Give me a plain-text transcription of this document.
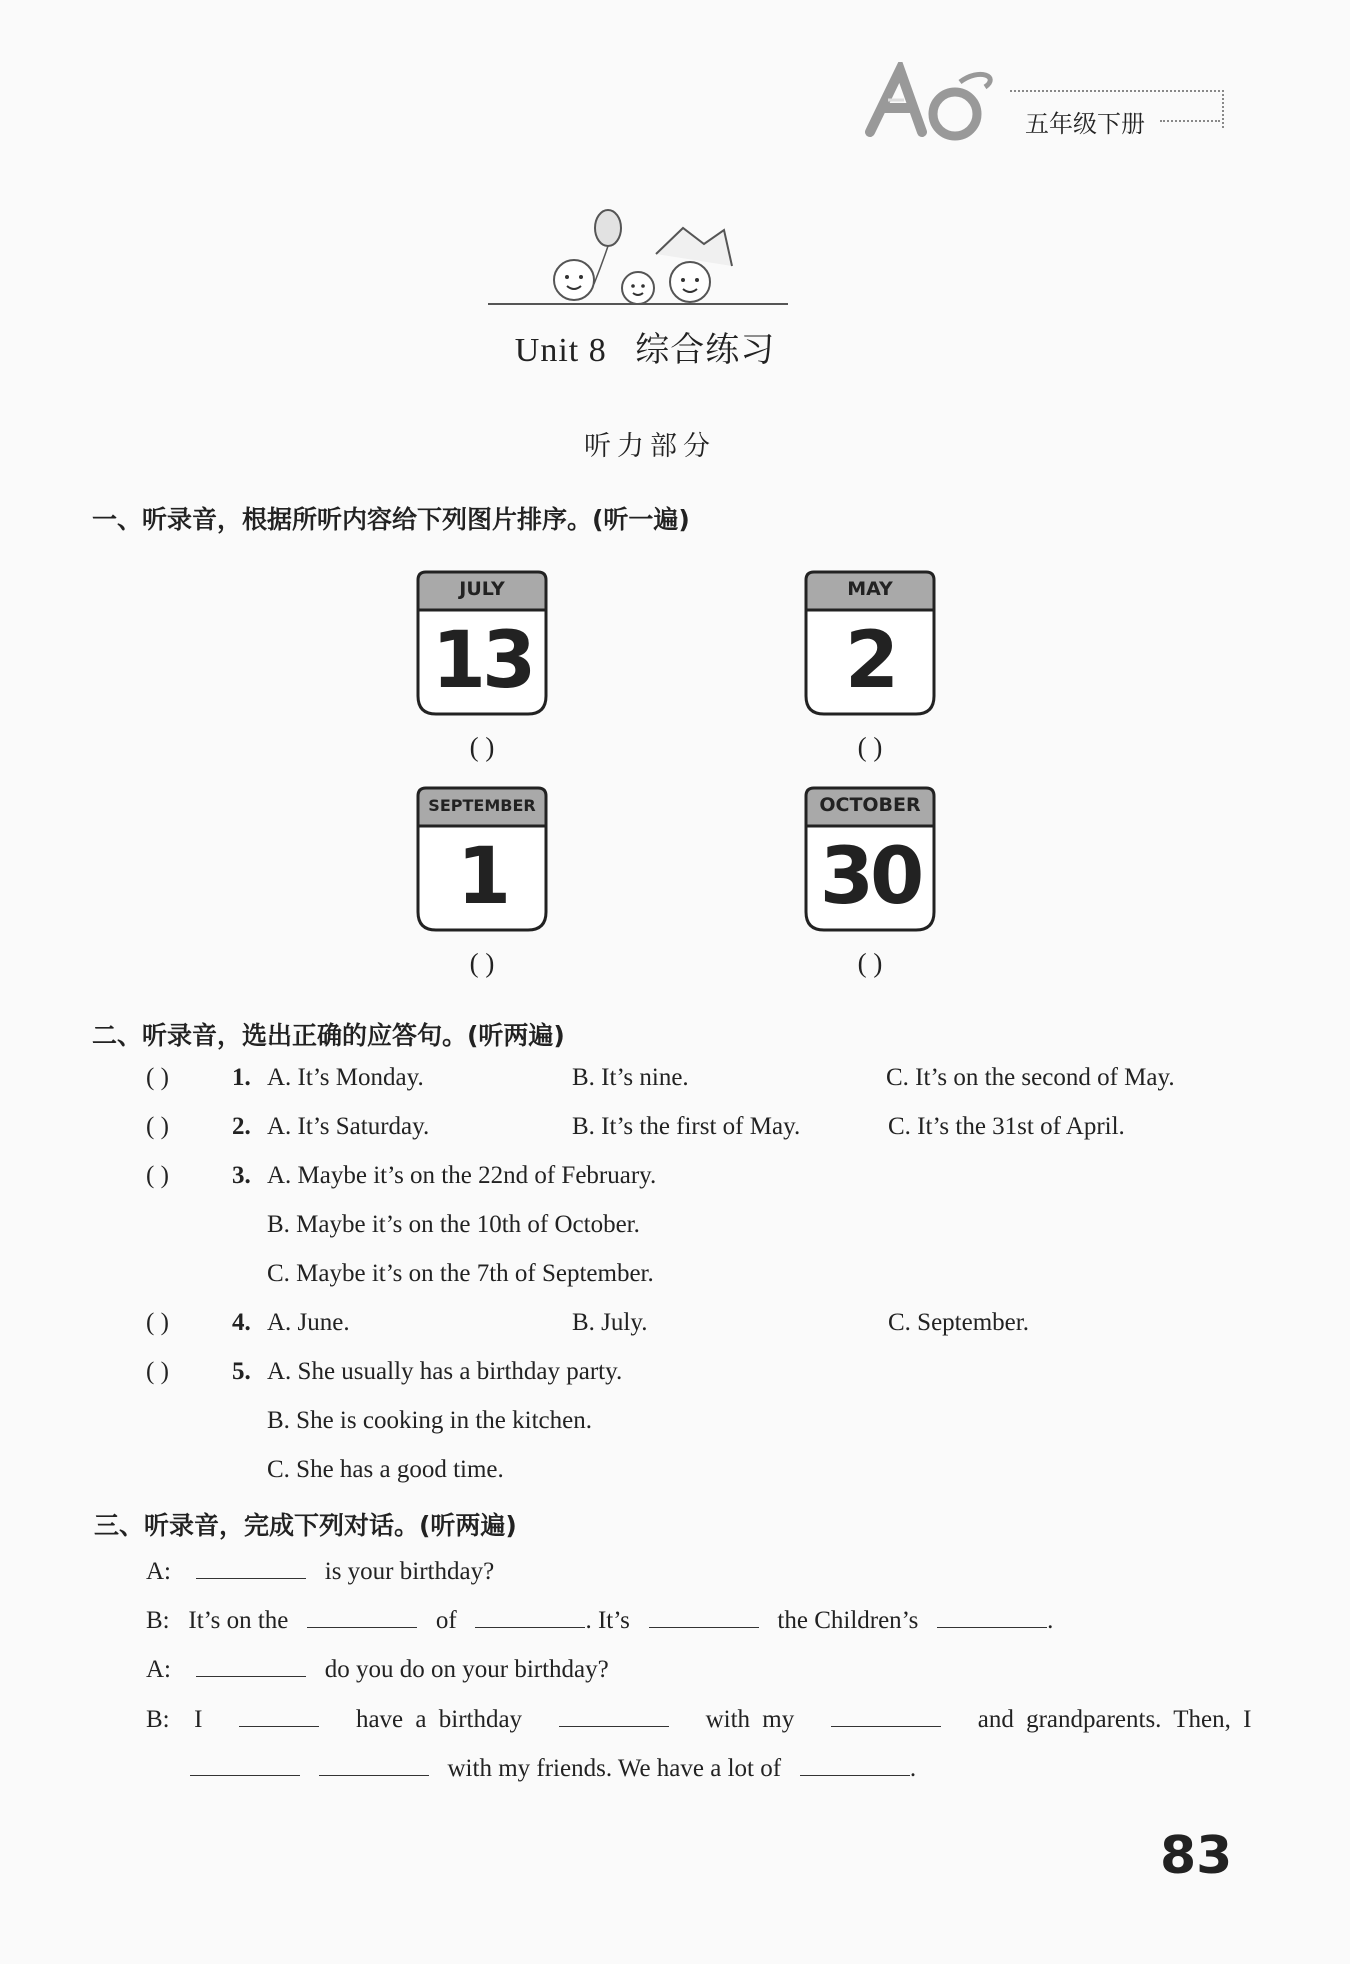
五年级下册
Unit 8 综合练习
听力部分
一、听录音，根据所听内容给下列图片排序。(听一遍)
JULY
13
MAY
2
SEPTEMBER
1
OCTOBER
30
( )	( )
( )	( )
二、听录音，选出正确的应答句。(听两遍)
( )	1. A. It’s Monday.	B. It’s nine.	C. It’s on the second of May.
( )	2. A. It’s Saturday.	B. It’s the first of May.	C. It’s the 31st of April.
( )	3. A. Maybe it’s on the 22nd of February.
B. Maybe it’s on the 10th of October.
C. Maybe it’s on the 7th of September.
( )	4. A. June.	B. July.	C. September.
( )	5. A. She usually has a birthday party.
B. She is cooking in the kitchen.
C. She has a good time.
三、听录音，完成下列对话。(听两遍)
A:	is your birthday?
B: It’s on the	of	. It’s	the Children’s	.
A:	do you do on your birthday?
B: I	have a birthday	with my	and grandparents. Then, I
with my friends. We have a lot of	.
83
